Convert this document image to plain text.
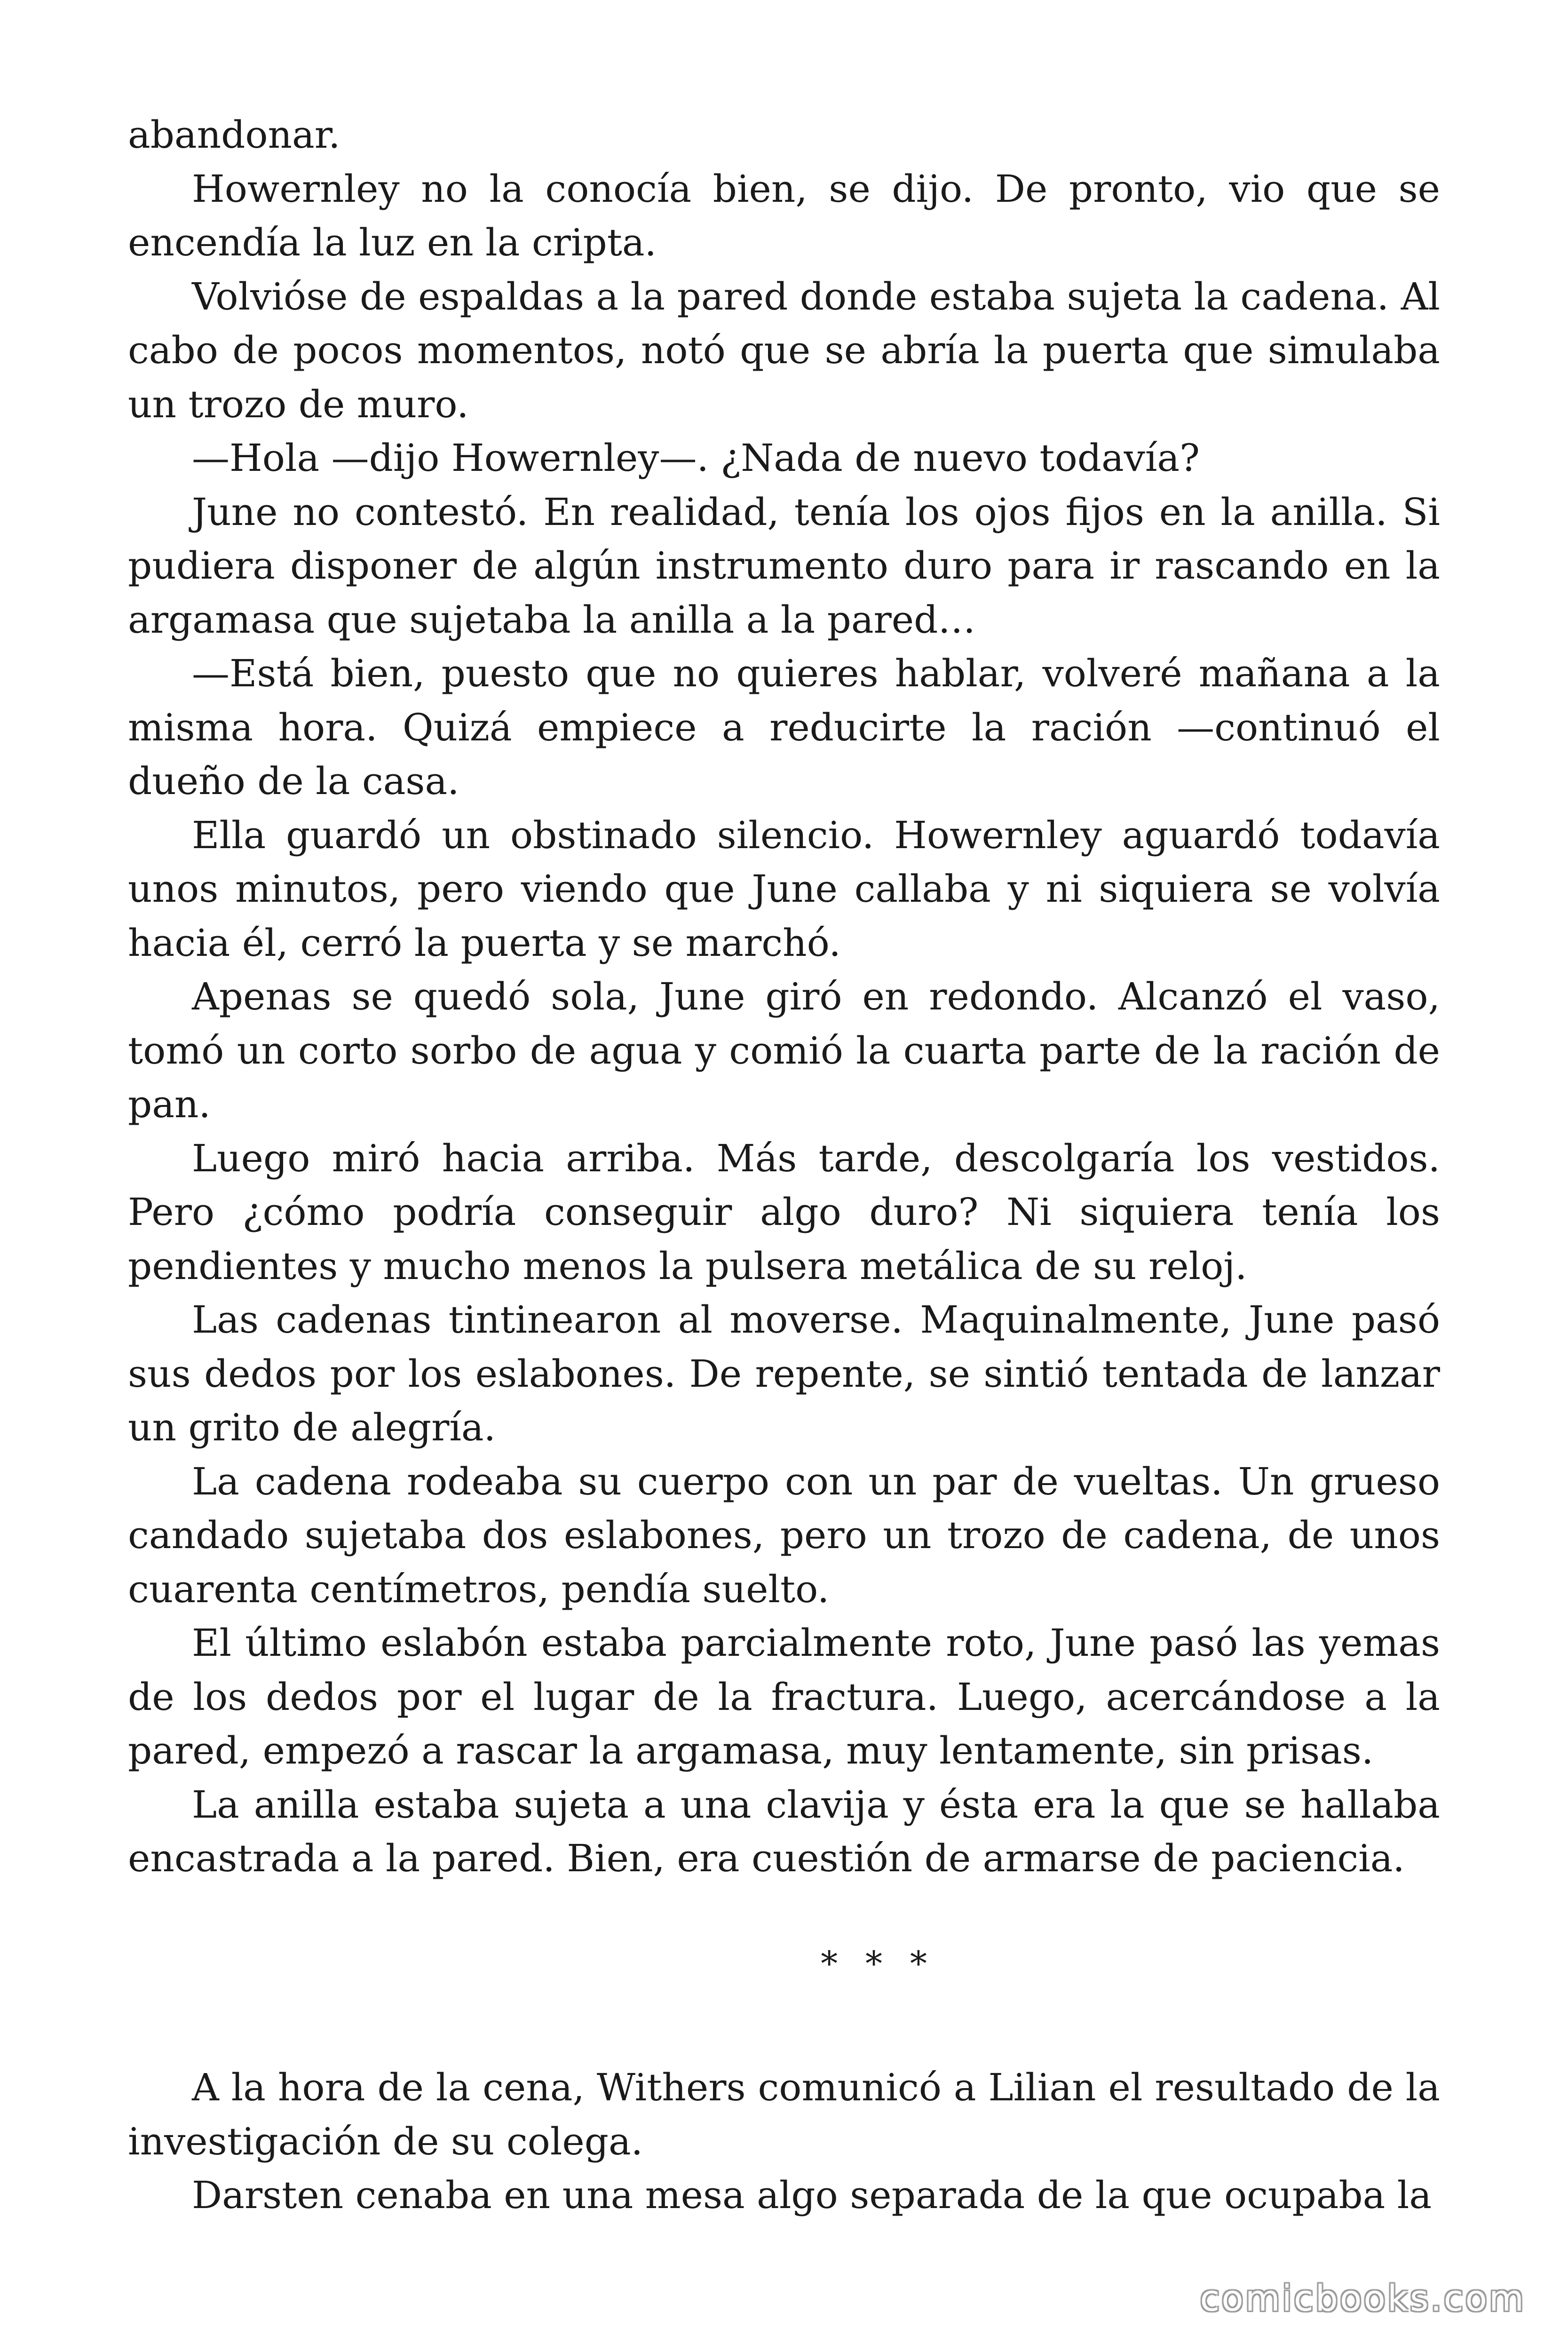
abandonar.

Howernley no la conocía bien, se dijo. De pronto, vio que se encendía la luz en la cripta.

Volvióse de espaldas a la pared donde estaba sujeta la cadena. Al cabo de pocos momentos, notó que se abría la puerta que simulaba un trozo de muro.

—Hola —dijo Howernley—. ¿Nada de nuevo todavía?

June no contestó. En realidad, tenía los ojos fijos en la anilla. Si pudiera disponer de algún instrumento duro para ir rascando en la argamasa que sujetaba la anilla a la pared…

—Está bien, puesto que no quieres hablar, volveré mañana a la misma hora. Quizá empiece a reducirte la ración —continuó el dueño de la casa.

Ella guardó un obstinado silencio. Howernley aguardó todavía unos minutos, pero viendo que June callaba y ni siquiera se volvía hacia él, cerró la puerta y se marchó.

Apenas se quedó sola, June giró en redondo. Alcanzó el vaso, tomó un corto sorbo de agua y comió la cuarta parte de la ración de pan.

Luego miró hacia arriba. Más tarde, descolgaría los vestidos. Pero ¿cómo podría conseguir algo duro? Ni siquiera tenía los pendientes y mucho menos la pulsera metálica de su reloj.

Las cadenas tintinearon al moverse. Maquinalmente, June pasó sus dedos por los eslabones. De repente, se sintió tentada de lanzar un grito de alegría.

La cadena rodeaba su cuerpo con un par de vueltas. Un grueso candado sujetaba dos eslabones, pero un trozo de cadena, de unos cuarenta centímetros, pendía suelto.

El último eslabón estaba parcialmente roto, June pasó las yemas de los dedos por el lugar de la fractura. Luego, acercándose a la pared, empezó a rascar la argamasa, muy lentamente, sin prisas.

La anilla estaba sujeta a una clavija y ésta era la que se hallaba encastrada a la pared. Bien, era cuestión de armarse de paciencia.

* * *

A la hora de la cena, Withers comunicó a Lilian el resultado de la investigación de su colega.

Darsten cenaba en una mesa algo separada de la que ocupaba la

comicbooks.com
